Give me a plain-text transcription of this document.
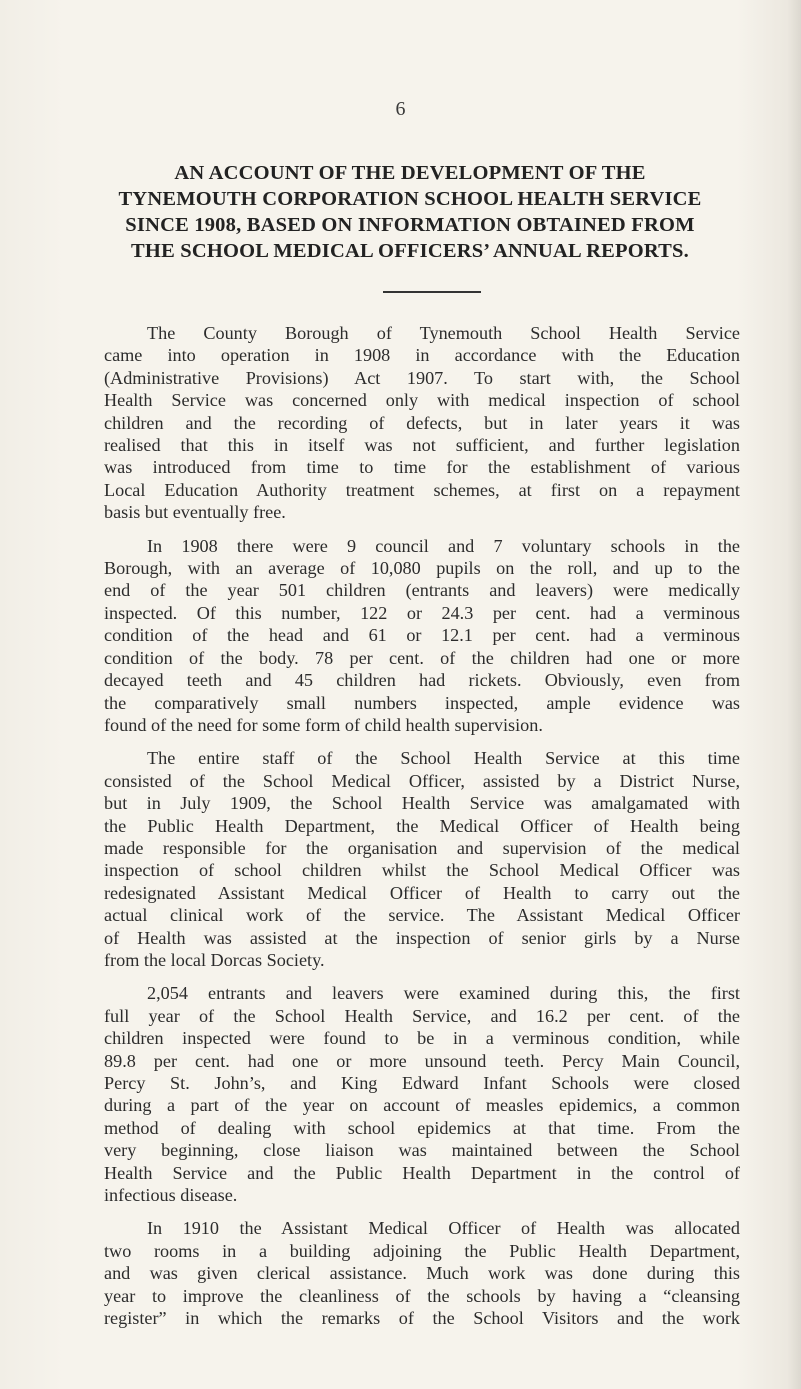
6
AN ACCOUNT OF THE DEVELOPMENT OF THE
TYNEMOUTH CORPORATION SCHOOL HEALTH SERVICE
SINCE 1908, BASED ON INFORMATION OBTAINED FROM
THE SCHOOL MEDICAL OFFICERS’ ANNUAL REPORTS.
The County Borough of Tynemouth School Health Service
came into operation in 1908 in accordance with the Education
(Administrative Provisions) Act 1907. To start with, the School
Health Service was concerned only with medical inspection of school
children and the recording of defects, but in later years it was
realised that this in itself was not sufficient, and further legislation
was introduced from time to time for the establishment of various
Local Education Authority treatment schemes, at first on a repayment
basis but eventually free.
In 1908 there were 9 council and 7 voluntary schools in the
Borough, with an average of 10,080 pupils on the roll, and up to the
end of the year 501 children (entrants and leavers) were medically
inspected. Of this number, 122 or 24.3 per cent. had a verminous
condition of the head and 61 or 12.1 per cent. had a verminous
condition of the body. 78 per cent. of the children had one or more
decayed teeth and 45 children had rickets. Obviously, even from
the comparatively small numbers inspected, ample evidence was
found of the need for some form of child health supervision.
The entire staff of the School Health Service at this time
consisted of the School Medical Officer, assisted by a District Nurse,
but in July 1909, the School Health Service was amalgamated with
the Public Health Department, the Medical Officer of Health being
made responsible for the organisation and supervision of the medical
inspection of school children whilst the School Medical Officer was
redesignated Assistant Medical Officer of Health to carry out the
actual clinical work of the service. The Assistant Medical Officer
of Health was assisted at the inspection of senior girls by a Nurse
from the local Dorcas Society.
2,054 entrants and leavers were examined during this, the first
full year of the School Health Service, and 16.2 per cent. of the
children inspected were found to be in a verminous condition, while
89.8 per cent. had one or more unsound teeth. Percy Main Council,
Percy St. John’s, and King Edward Infant Schools were closed
during a part of the year on account of measles epidemics, a common
method of dealing with school epidemics at that time. From the
very beginning, close liaison was maintained between the School
Health Service and the Public Health Department in the control of
infectious disease.
In 1910 the Assistant Medical Officer of Health was allocated
two rooms in a building adjoining the Public Health Department,
and was given clerical assistance. Much work was done during this
year to improve the cleanliness of the schools by having a “cleansing
register” in which the remarks of the School Visitors and the work
